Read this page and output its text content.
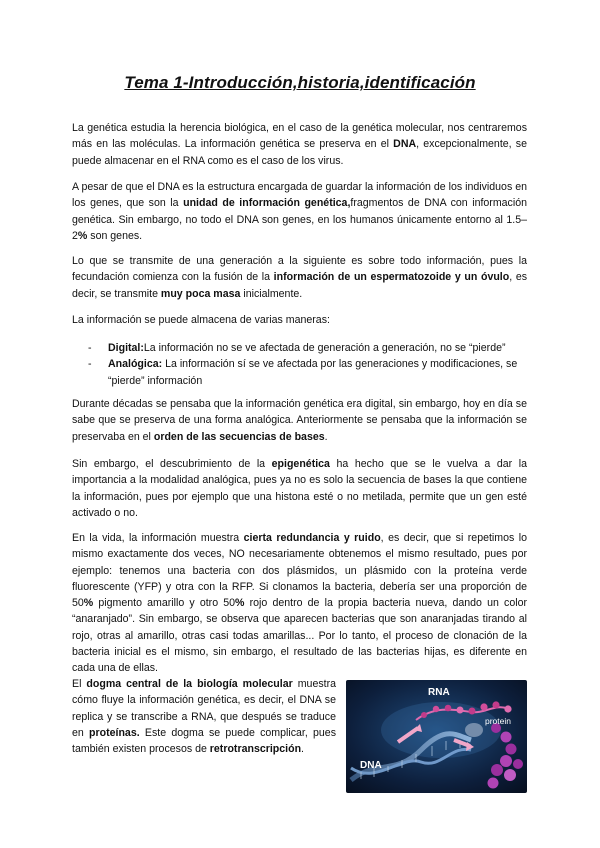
Tema 1-Introducción,historia,identificación

La genética estudia la herencia biológica, en el caso de la genética molecular, nos centraremos más en las moléculas. La información genética se preserva en el DNA, excepcionalmente, se puede almacenar en el RNA como es el caso de los virus.

A pesar de que el DNA es la estructura encargada de guardar la información de los individuos en los genes, que son la unidad de información genética,fragmentos de DNA con información genética. Sin embargo, no todo el DNA son genes, en los humanos únicamente entorno al 1.5–2% son genes.

Lo que se transmite de una generación a la siguiente es sobre todo información, pues la fecundación comienza con la fusión de la información de un espermatozoide y un óvulo, es decir, se transmite muy poca masa inicialmente.

La información se puede almacena de varias maneras:

-	Digital:La información no se ve afectada de generación a generación, no se “pierde”
-	Analógica: La información sí se ve afectada por las generaciones y modificaciones, se “pierde” información

Durante décadas se pensaba que la información genética era digital, sin embargo, hoy en día se sabe que se preserva de una forma analógica. Anteriormente se pensaba que la información se preservaba en el orden de las secuencias de bases.

Sin embargo, el descubrimiento de la epigenética ha hecho que se le vuelva a dar la importancia a la modalidad analógica, pues ya no es solo la secuencia de bases la que contiene la información, pues por ejemplo que una histona esté o no metilada, permite que un gen esté activado o no.

En la vida, la información muestra cierta redundancia y ruido, es decir, que si repetimos lo mismo exactamente dos veces, NO necesariamente obtenemos el mismo resultado, pues por ejemplo: tenemos una bacteria con dos plásmidos, un plásmido con la proteína verde fluorescente (YFP) y otra con la RFP. Si clonamos la bacteria, debería ser una proporción de 50% pigmento amarillo y otro 50% rojo dentro de la propia bacteria nueva, dando un color “anaranjado”. Sin embargo, se observa que aparecen bacterias que son anaranjadas tirando al rojo, otras al amarillo, otras casi todas amarillas... Por lo tanto, el proceso de clonación de la bacteria inicial es el mismo, sin embargo, el resultado de las bacterias hijas, es diferente en cada una de ellas.

El dogma central de la biología molecular muestra cómo fluye la información genética, es decir, el DNA se replica y se transcribe a RNA, que después se traduce en proteínas. Este dogma se puede complicar, pues también existen procesos de retrotranscripción.

RNA
DNA
protein
